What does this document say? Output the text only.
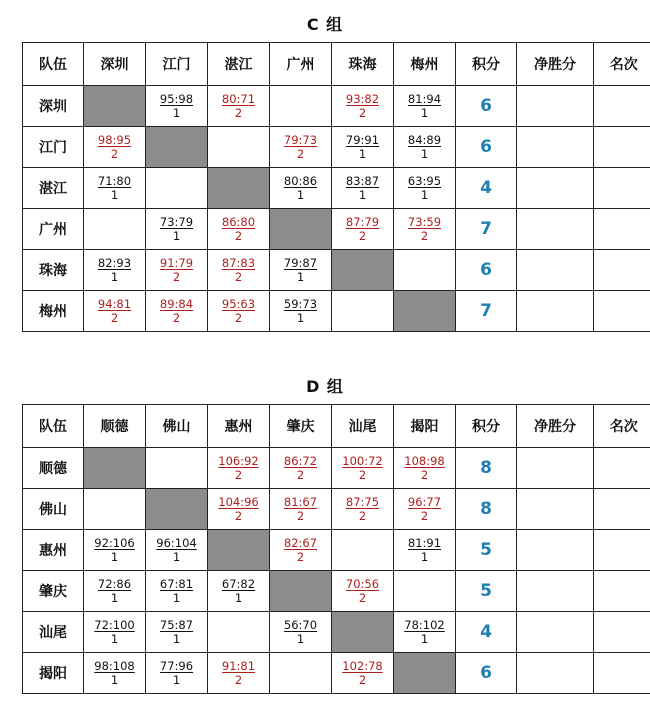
C 组
队伍	深圳	江门	湛江	广州	珠海	梅州	积分	净胜分	名次
深圳		$\frac{95:98}{1}$	$\frac{80:71}{2}$		$\frac{93:82}{2}$	$\frac{81:94}{1}$	6		
江门	$\frac{98:95}{2}$			$\frac{79:73}{2}$	$\frac{79:91}{1}$	$\frac{84:89}{1}$	6		
湛江	$\frac{71:80}{1}$			$\frac{80:86}{1}$	$\frac{83:87}{1}$	$\frac{63:95}{1}$	4		
广州		$\frac{73:79}{1}$	$\frac{86:80}{2}$		$\frac{87:79}{2}$	$\frac{73:59}{2}$	7		
珠海	$\frac{82:93}{1}$	$\frac{91:79}{2}$	$\frac{87:83}{2}$	$\frac{79:87}{1}$			6		
梅州	$\frac{94:81}{2}$	$\frac{89:84}{2}$	$\frac{95:63}{2}$	$\frac{59:73}{1}$			7		
D 组
队伍	顺德	佛山	惠州	肇庆	汕尾	揭阳	积分	净胜分	名次
顺德			$\frac{106:92}{2}$	$\frac{86:72}{2}$	$\frac{100:72}{2}$	$\frac{108:98}{2}$	8		
佛山			$\frac{104:96}{2}$	$\frac{81:67}{2}$	$\frac{87:75}{2}$	$\frac{96:77}{2}$	8		
惠州	$\frac{92:106}{1}$	$\frac{96:104}{1}$		$\frac{82:67}{2}$		$\frac{81:91}{1}$	5		
肇庆	$\frac{72:86}{1}$	$\frac{67:81}{1}$	$\frac{67:82}{1}$		$\frac{70:56}{2}$		5		
汕尾	$\frac{72:100}{1}$	$\frac{75:87}{1}$		$\frac{56:70}{1}$		$\frac{78:102}{1}$	4		
揭阳	$\frac{98:108}{1}$	$\frac{77:96}{1}$	$\frac{91:81}{2}$		$\frac{102:78}{2}$		6		
